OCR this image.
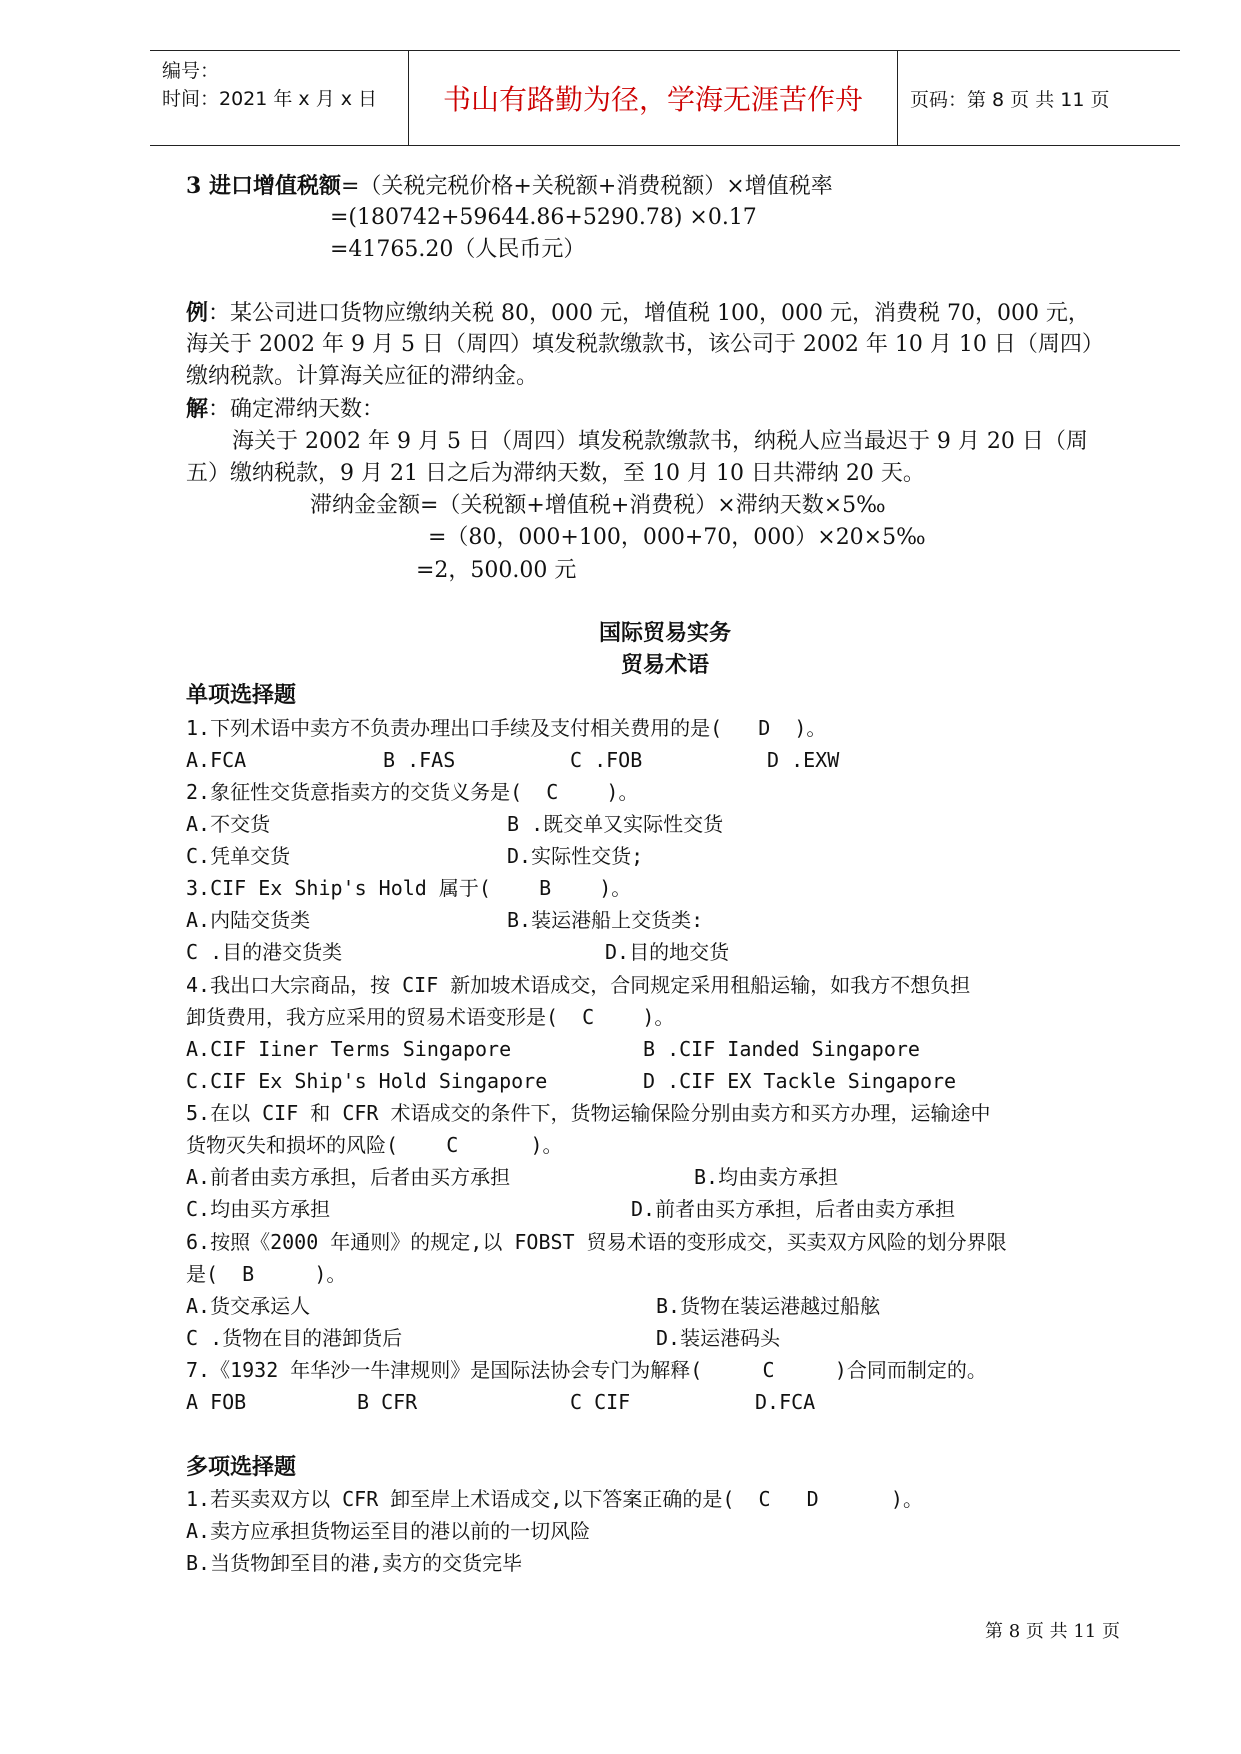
编号：
时间：2021 年 x 月 x 日	书山有路勤为径，学海无涯苦作舟	页码：第 8 页 共 11 页
3 进口增值税额=（关税完税价格+关税额+消费税额）×增值税率
=(180742+59644.86+5290.78) ×0.17
=41765.20（人民币元）
例：某公司进口货物应缴纳关税 80，000 元，增值税 100，000 元，消费税 70，000 元，
海关于 2002 年 9 月 5 日（周四）填发税款缴款书，该公司于 2002 年 10 月 10 日（周四）
缴纳税款。计算海关应征的滞纳金。
解：确定滞纳天数：
海关于 2002 年 9 月 5 日（周四）填发税款缴款书，纳税人应当最迟于 9 月 20 日（周
五）缴纳税款，9 月 21 日之后为滞纳天数，至 10 月 10 日共滞纳 20 天。
滞纳金金额=（关税额+增值税+消费税）×滞纳天数×5‰
=（80，000+100，000+70，000）×20×5‰
=2，500.00 元
国际贸易实务
贸易术语
单项选择题
1.下列术语中卖方不负责办理出口手续及支付相关费用的是(   D  )。
A.FCA	B .FAS	C .FOB	D .EXW
2.象征性交货意指卖方的交货义务是(  C    )。
A.不交货	B .既交单又实际性交货
C.凭单交货	D.实际性交货;
3.CIF Ex Ship's Hold 属于(    B    )。
A.内陆交货类	B.装运港船上交货类:
C .目的港交货类	D.目的地交货
4.我出口大宗商品，按 CIF 新加坡术语成交，合同规定采用租船运输，如我方不想负担
卸货费用，我方应采用的贸易术语变形是(  C    )。
A.CIF Iiner Terms Singapore	B .CIF Ianded Singapore
C.CIF Ex Ship's Hold Singapore	D .CIF EX Tackle Singapore
5.在以 CIF 和 CFR 术语成交的条件下，货物运输保险分别由卖方和买方办理，运输途中
货物灭失和损坏的风险(    C      )。
A.前者由卖方承担，后者由买方承担	B.均由卖方承担
C.均由买方承担	D.前者由买方承担，后者由卖方承担
6.按照《2000 年通则》的规定,以 FOBST 贸易术语的变形成交，买卖双方风险的划分界限
是(  B     )。
A.货交承运人	B.货物在装运港越过船舷
C .货物在目的港卸货后	D.装运港码头
7.《1932 年华沙一牛津规则》是国际法协会专门为解释(     C     )合同而制定的。
A FOB	B CFR	C CIF	D.FCA
多项选择题
1.若买卖双方以 CFR 卸至岸上术语成交,以下答案正确的是(  C   D      )。
A.卖方应承担货物运至目的港以前的一切风险
B.当货物卸至目的港,卖方的交货完毕
第 8 页 共 11 页
